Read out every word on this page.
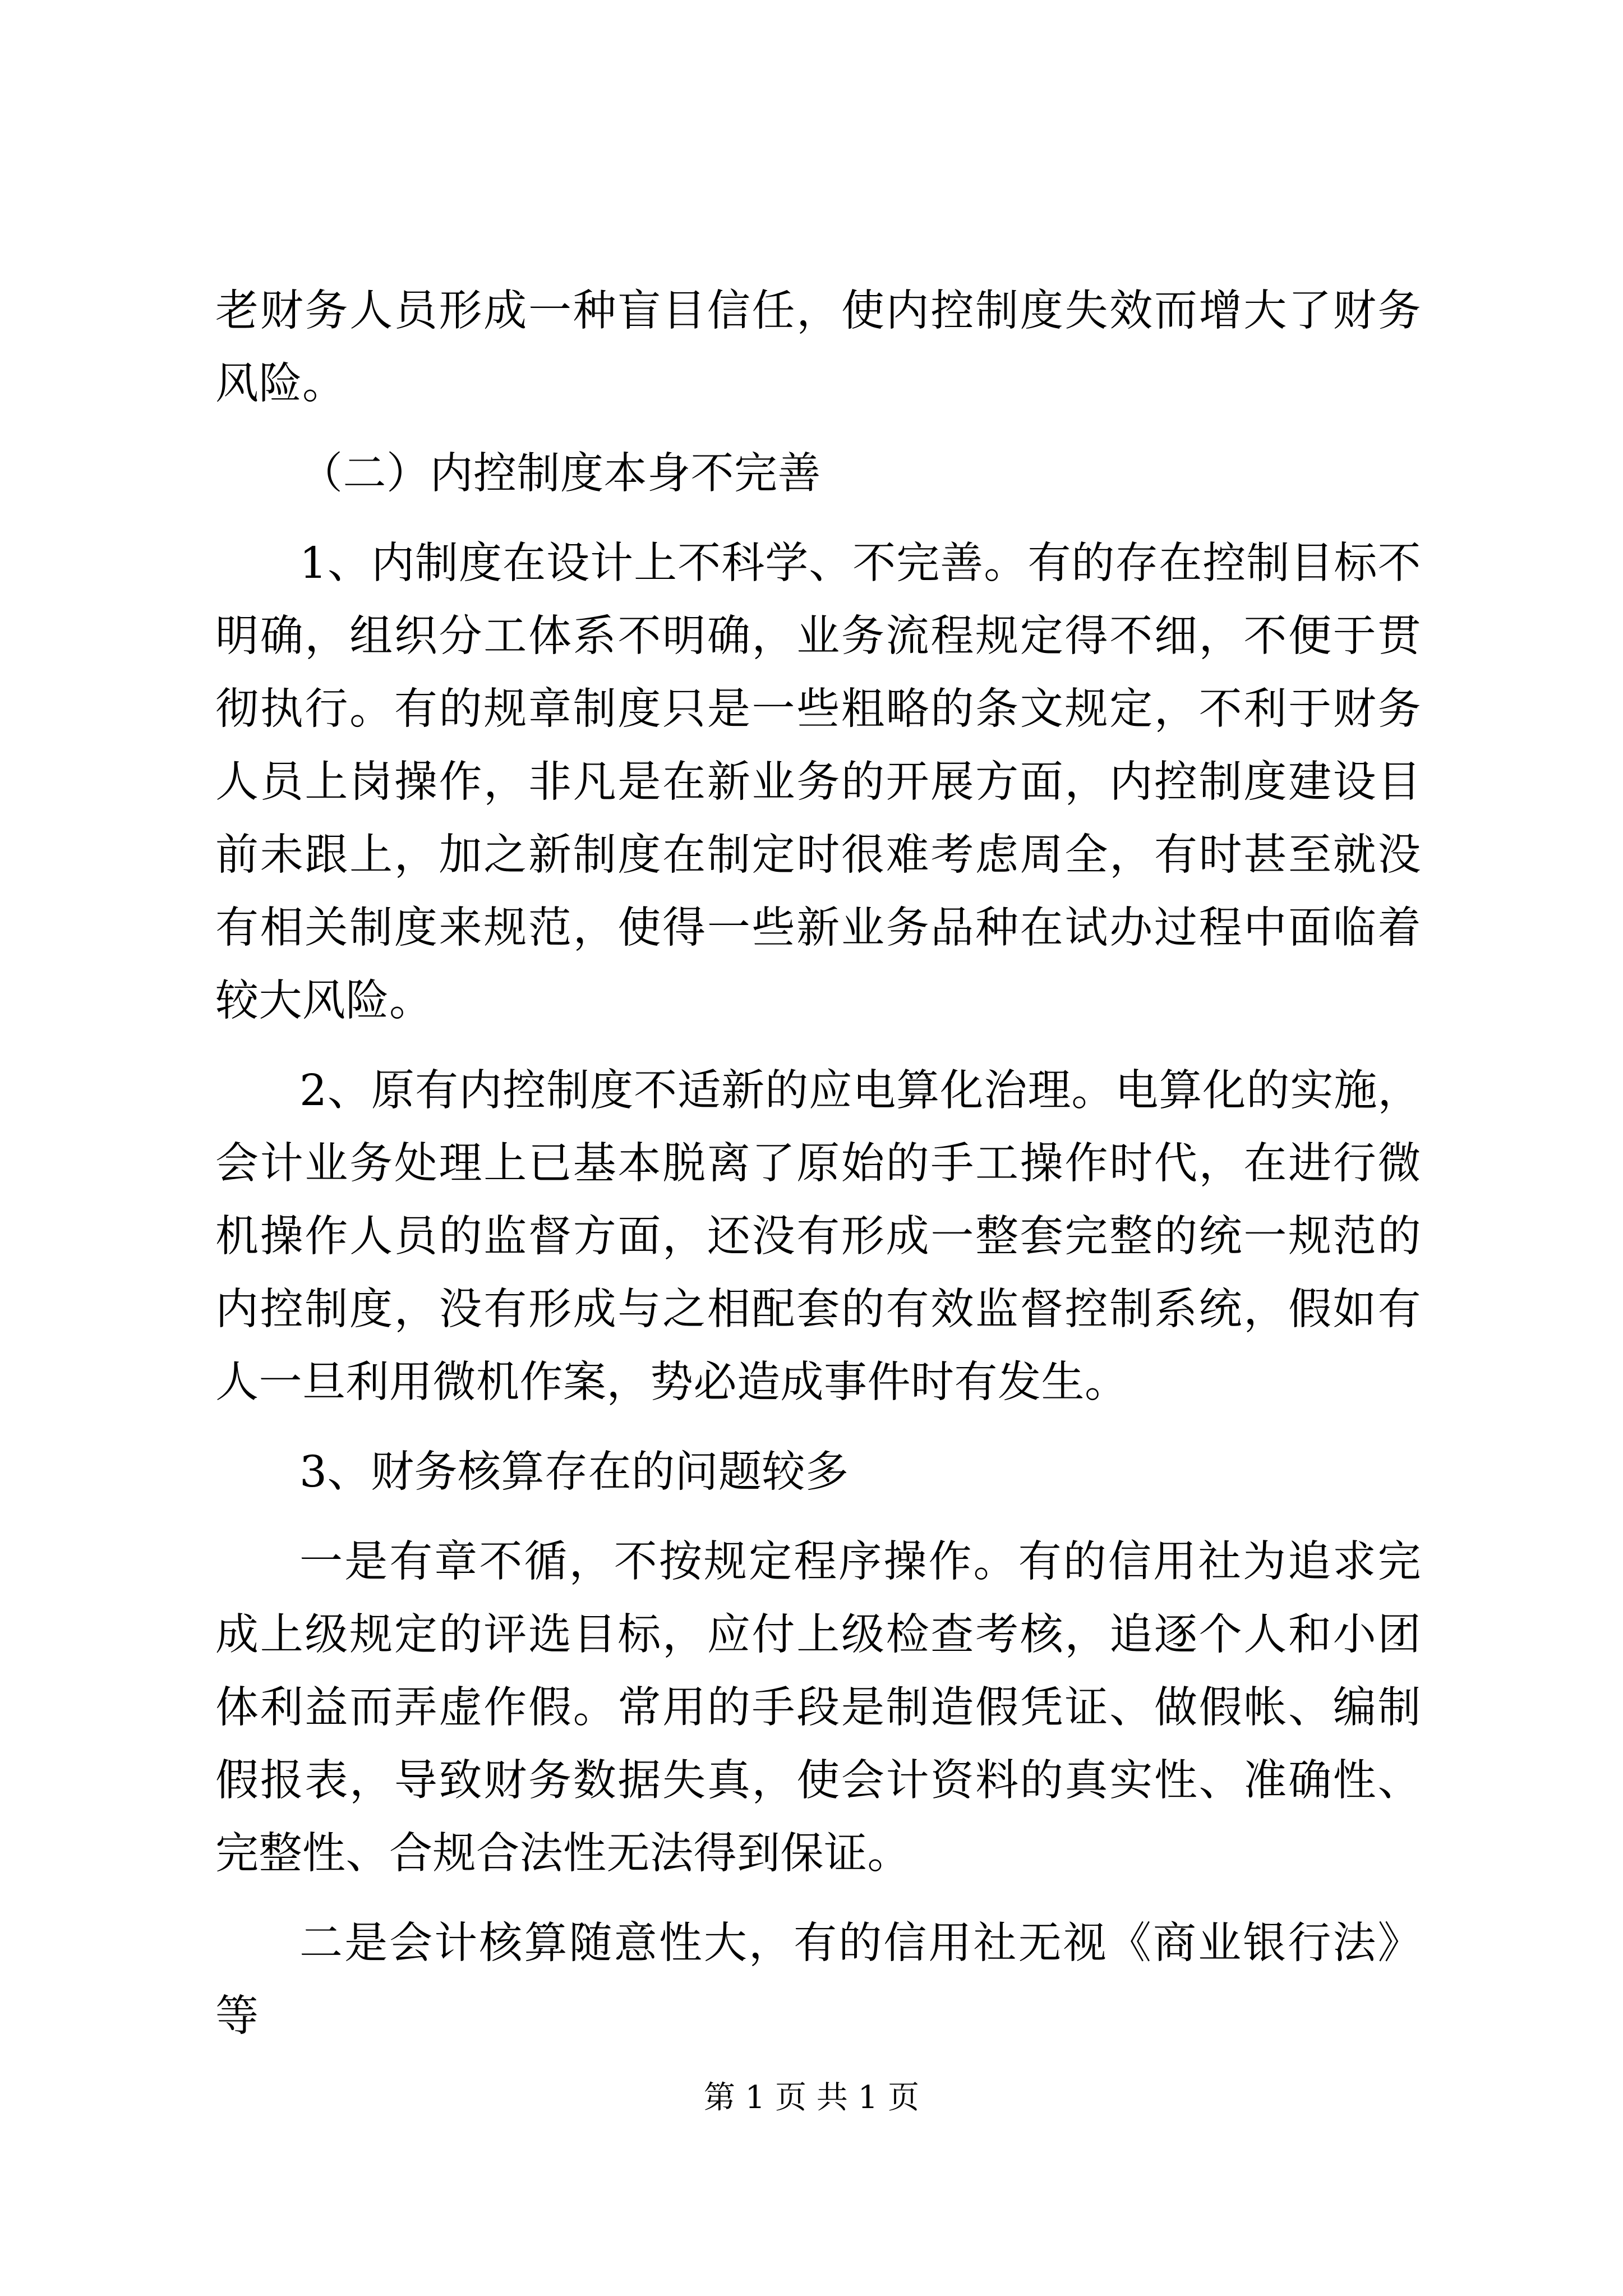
老财务人员形成一种盲目信任，使内控制度失效而增大了财务风险。

（二）内控制度本身不完善

1、内制度在设计上不科学、不完善。有的存在控制目标不明确，组织分工体系不明确，业务流程规定得不细，不便于贯彻执行。有的规章制度只是一些粗略的条文规定，不利于财务人员上岗操作，非凡是在新业务的开展方面，内控制度建设目前未跟上，加之新制度在制定时很难考虑周全，有时甚至就没有相关制度来规范，使得一些新业务品种在试办过程中面临着较大风险。

2、原有内控制度不适新的应电算化治理。电算化的实施，会计业务处理上已基本脱离了原始的手工操作时代，在进行微机操作人员的监督方面，还没有形成一整套完整的统一规范的内控制度，没有形成与之相配套的有效监督控制系统，假如有人一旦利用微机作案，势必造成事件时有发生。

3、财务核算存在的问题较多

一是有章不循，不按规定程序操作。有的信用社为追求完成上级规定的评选目标，应付上级检查考核，追逐个人和小团体利益而弄虚作假。常用的手段是制造假凭证、做假帐、编制假报表，导致财务数据失真，使会计资料的真实性、准确性、完整性、合规合法性无法得到保证。

二是会计核算随意性大，有的信用社无视《商业银行法》等

第 1 页 共 1 页
